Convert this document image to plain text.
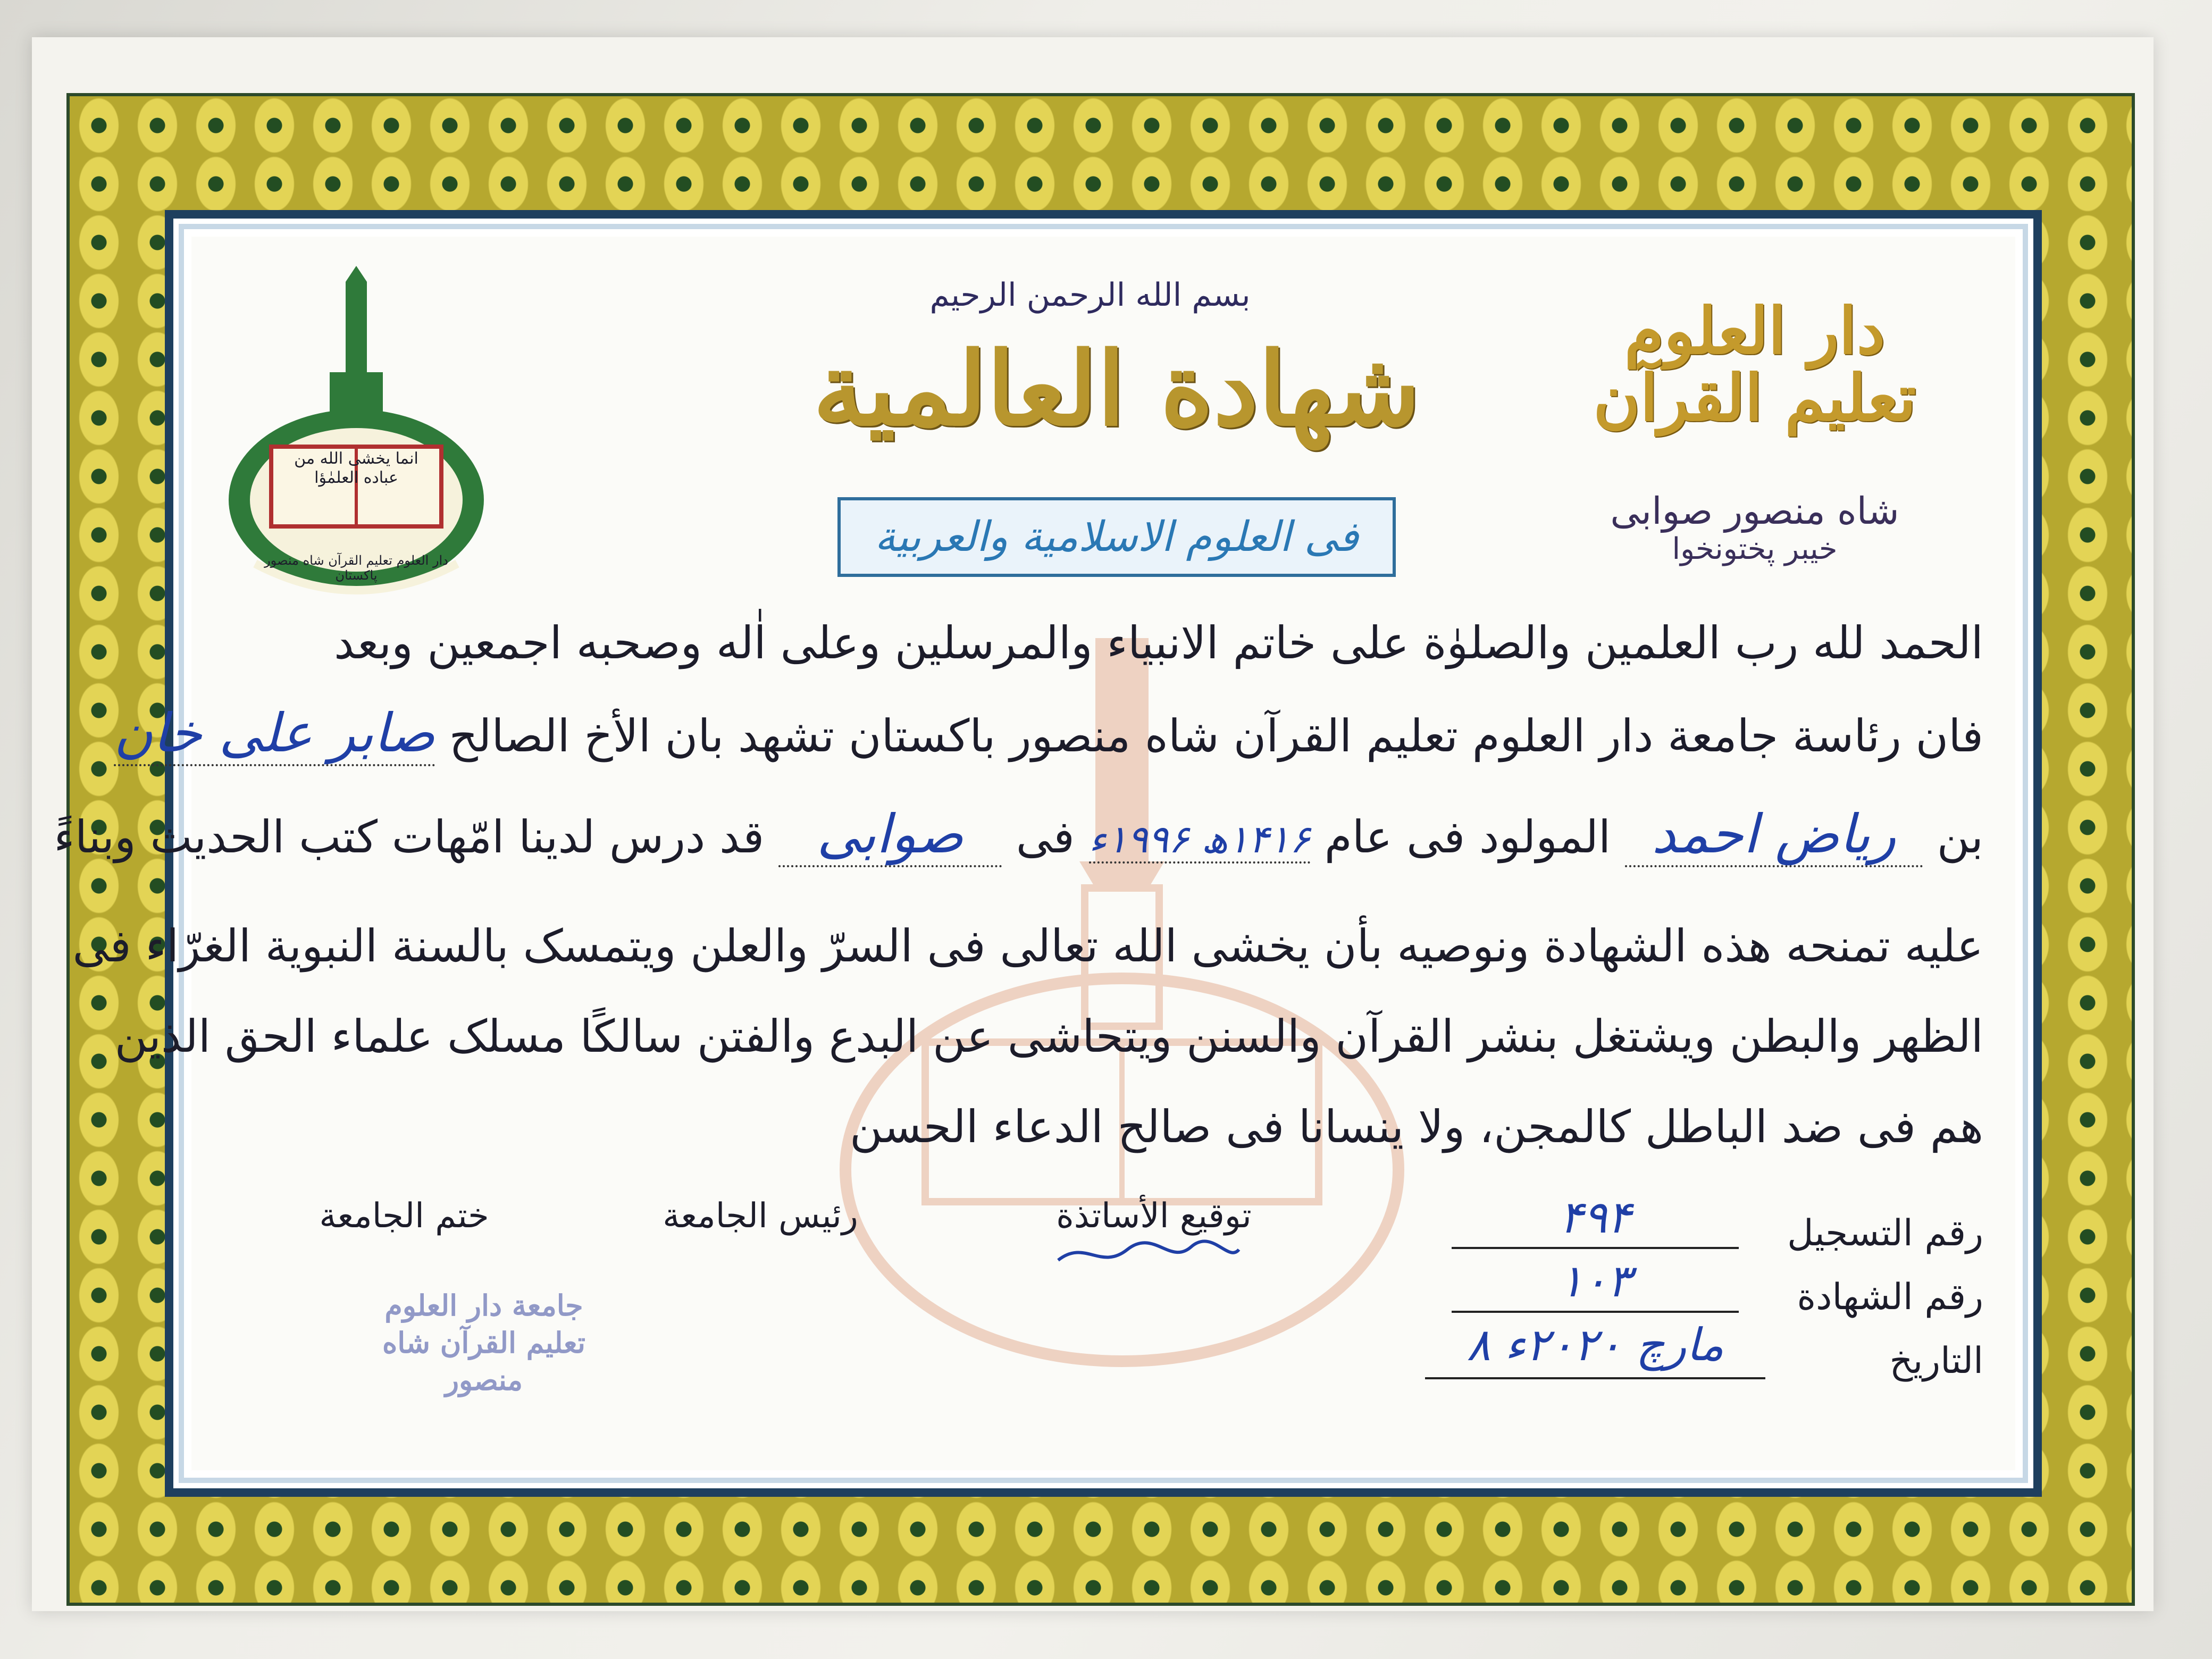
بسم الله الرحمن الرحیم
شهادة العالمية
فی العلوم الاسلامیة والعربیة
انما یخشی الله من عباده العلمٰؤا
دار العلوم تعلیم القرآن شاه منصور پاکستان
دار العلوم تعلیم القرآن
شاه منصور صوابی
خیبر پختونخوا
الحمد لله رب العلمین والصلوٰة علی خاتم الانبیاء والمرسلین وعلی اٰله وصحبه اجمعین وبعد
فان رئاسة جامعة دار العلوم تعلیم القرآن شاه منصور باکستان تشهد بان الأخ الصالح صابر علی خان
بن ریاض احمد المولود فی عام ۱۴۱۶ھ ۱۹۹۶ء فی صوابی قد درس لدینا امّهات کتب الحدیث وبناءً
علیه تمنحه هذه الشهادة ونوصیه بأن یخشی الله تعالی فی السرّ والعلن ویتمسک بالسنة النبویة الغرّاء فی
الظهر والبطن ویشتغل بنشر القرآن والسنن ویتحاشی عن البدع والفتن سالکًا مسلک علماء الحق الذین
هم فی ضد الباطل کالمجن، ولا ینسانا فی صالح الدعاء الحسن
ختم الجامعة	رئیس الجامعة	توقیع الأساتذة
جامعة دار العلوم تعلیم القرآن شاه منصور
رقم التسجیل
۴۹۴
رقم الشهادة
۱۰۳
التاریخ
۸ مارچ ۲۰۲۰ء
